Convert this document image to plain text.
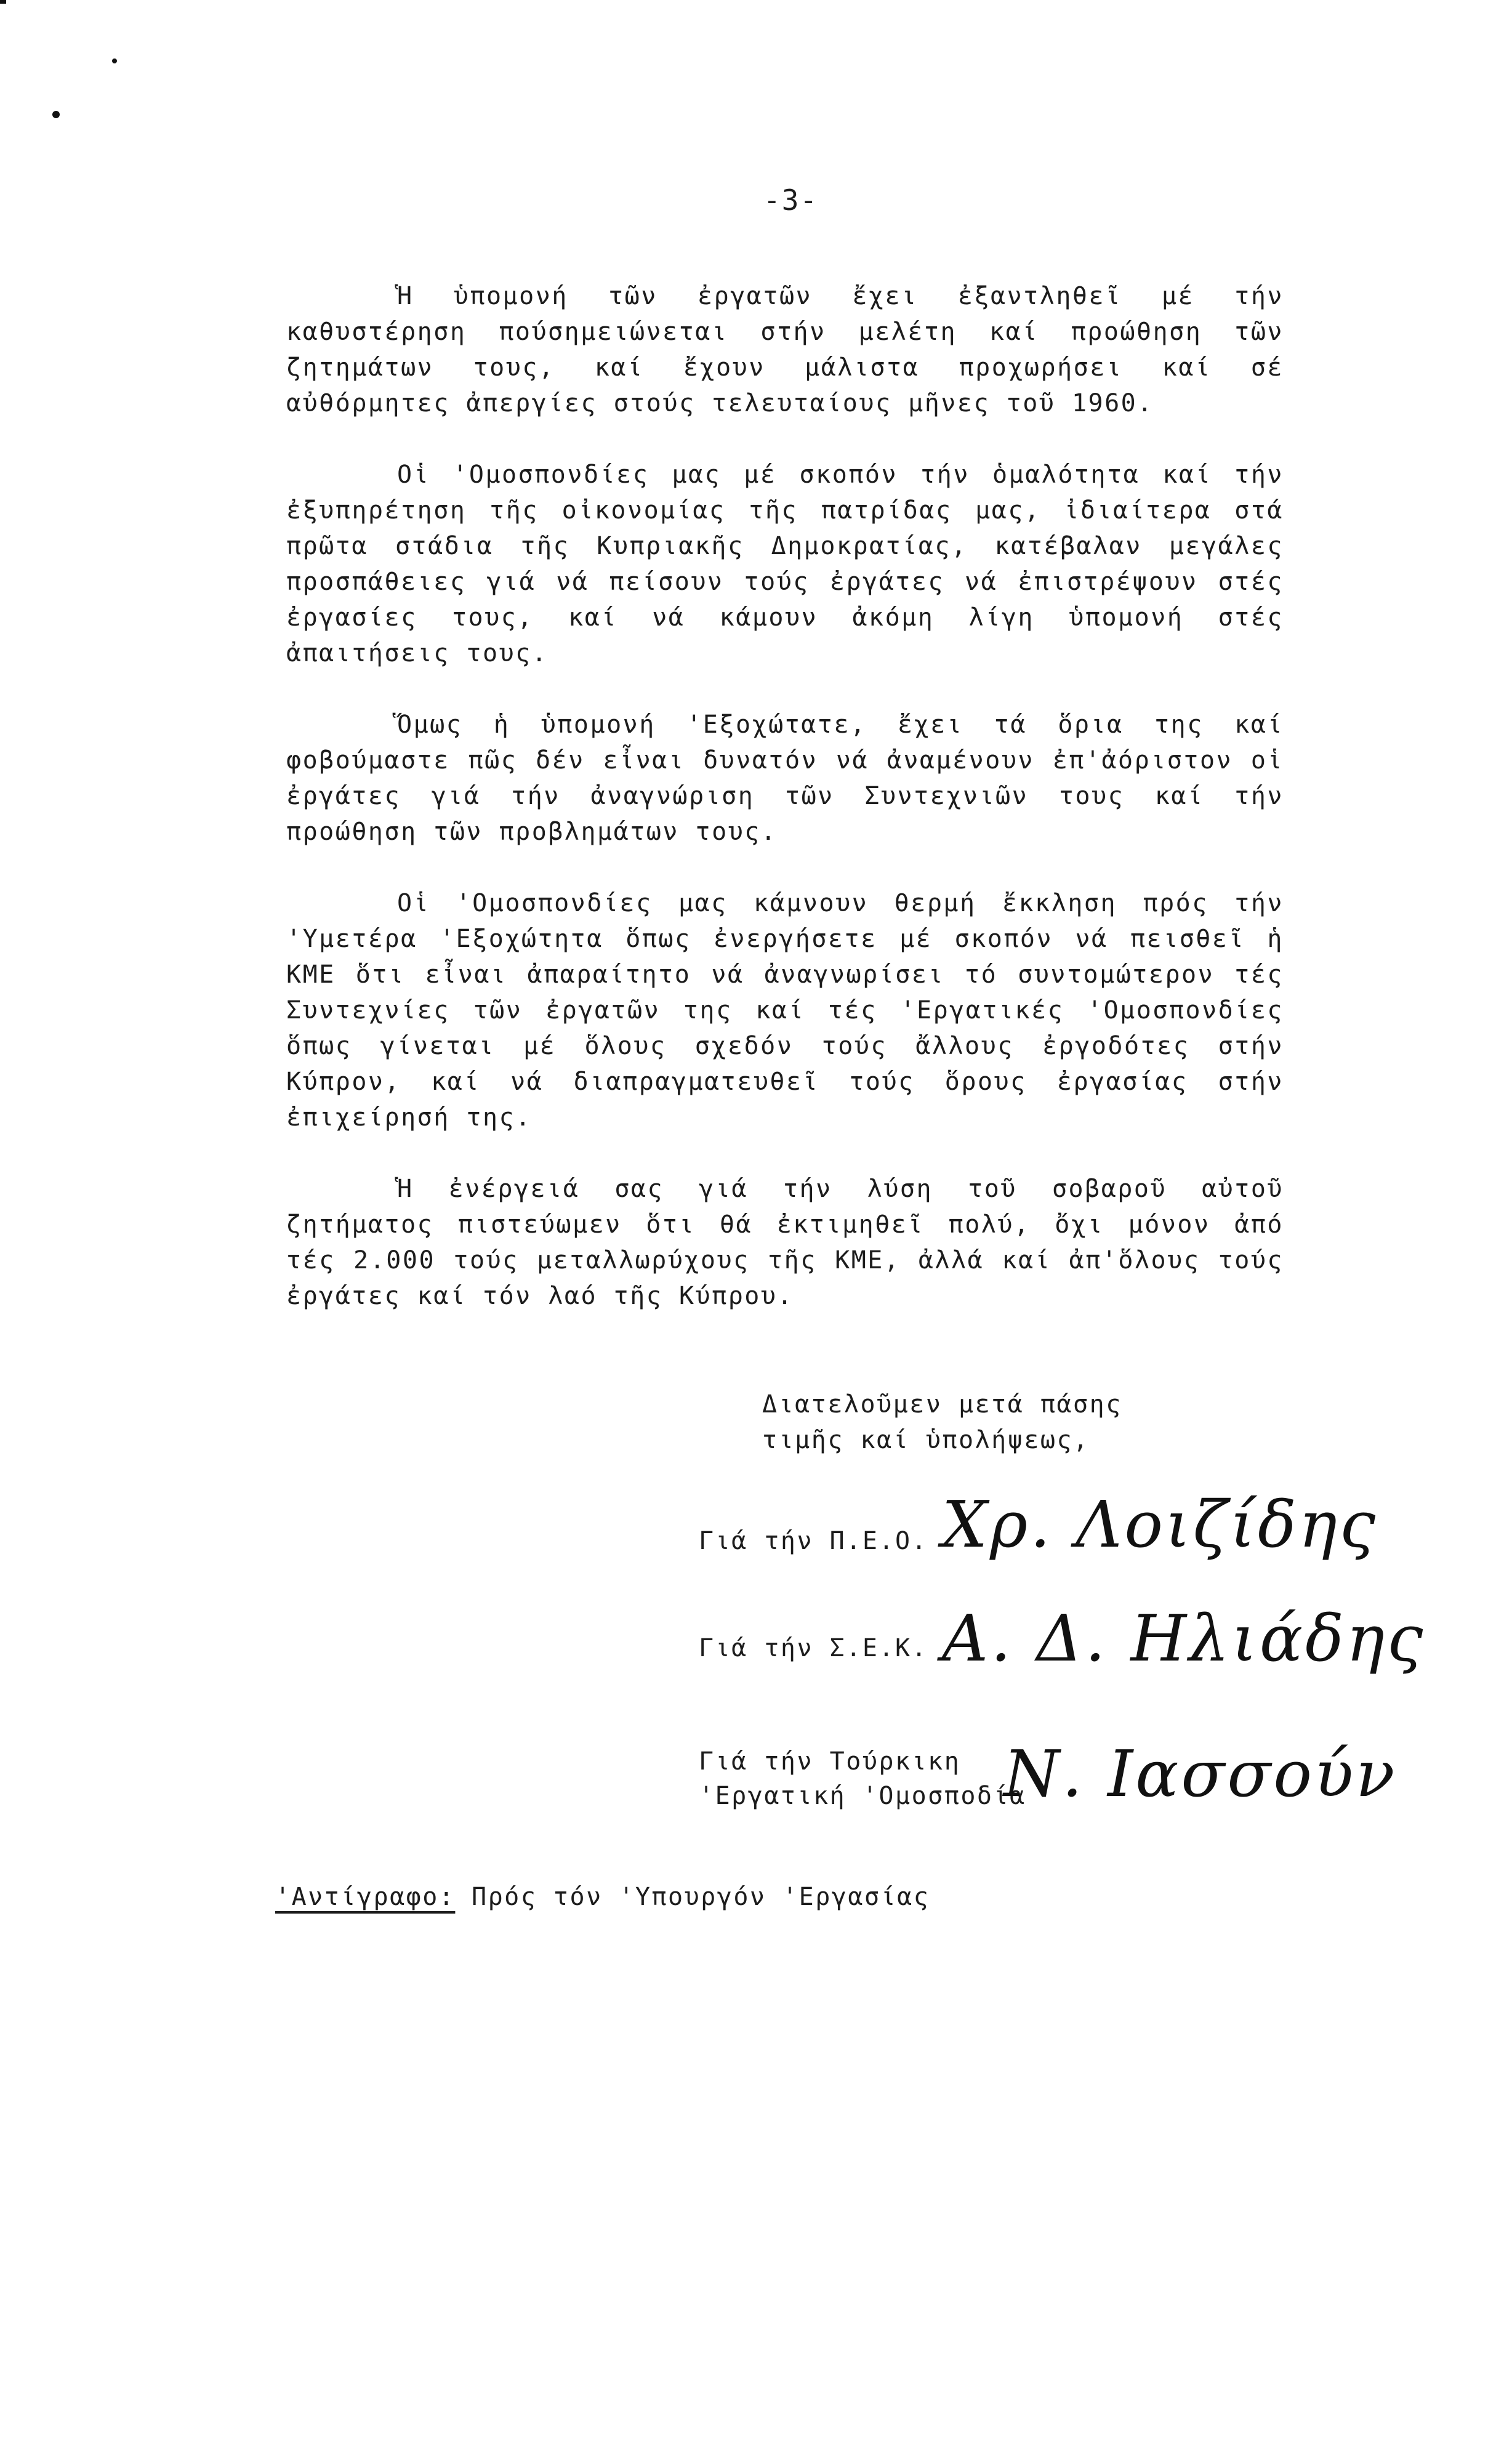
-3-

Ἡ ὑπομονή τῶν ἐργατῶν ἔχει ἐξαντληθεῖ μέ τήν καθυστέρηση πούσημειώνεται στήν μελέτη καί προώθηση τῶν ζητημάτων τους, καί ἔχουν μάλιστα προχωρήσει καί σέ αὐθόρμητες ἀπεργίες στούς τελευταίους μῆνες τοῦ 1960.

Οἱ 'Ομοσπονδίες μας μέ σκοπόν τήν ὁμαλότητα καί τήν ἐξυπηρέτηση τῆς οἰκονομίας τῆς πατρίδας μας, ἰδιαίτερα στά πρῶτα στάδια τῆς Κυπριακῆς Δημοκρατίας, κατέβαλαν μεγάλες προσπάθειες γιά νά πείσουν τούς ἐργάτες νά ἐπιστρέψουν στές ἐργασίες τους, καί νά κάμουν ἀκόμη λίγη ὑπομονή στές ἀπαιτήσεις τους.

Ὅμως ἡ ὑπομονή 'Εξοχώτατε, ἔχει τά ὅρια της καί φοβούμαστε πῶς δέν εἶναι δυνατόν νά ἀναμένουν ἐπ'ἀόριστον οἱ ἐργάτες γιά τήν ἀναγνώριση τῶν Συντεχνιῶν τους καί τήν προώθηση τῶν προβλημάτων τους.

Οἱ 'Ομοσπονδίες μας κάμνουν θερμή ἔκκληση πρός τήν 'Υμετέρα 'Εξοχώτητα ὅπως ἐνεργήσετε μέ σκοπόν νά πεισθεῖ ἡ ΚΜΕ ὅτι εἶναι ἀπαραίτητο νά ἀναγνωρίσει τό συντομώτερον τές Συντεχνίες τῶν ἐργατῶν της καί τές 'Εργατικές 'Ομοσπονδίες ὅπως γίνεται μέ ὅλους σχεδόν τούς ἄλλους ἐργοδότες στήν Κύπρον, καί νά διαπραγματευθεῖ τούς ὅρους ἐργασίας στήν ἐπιχείρησή της.

Ἡ ἐνέργειά σας γιά τήν λύση τοῦ σοβαροῦ αὐτοῦ ζητήματος πιστεύωμεν ὅτι θά ἐκτιμηθεῖ πολύ, ὄχι μόνον ἀπό τές 2.000 τούς μεταλλωρύχους τῆς ΚΜΕ, ἀλλά καί ἀπ'ὅλους τούς ἐργάτες καί τόν λαό τῆς Κύπρου.

Διατελοῦμεν μετά πάσης
τιμῆς καί ὑπολήψεως,
Γιά τήν Π.Ε.Ο. Χρ. Λοιζίδης
Γιά τήν Σ.Ε.Κ. Α. Δ. Ηλιάδης
Γιά τήν Τούρκικη
'Εργατική 'Ομοσποδία
Ν. Ιασσούν
'Αντίγραφο: Πρός τόν 'Υπουργόν 'Εργασίας
